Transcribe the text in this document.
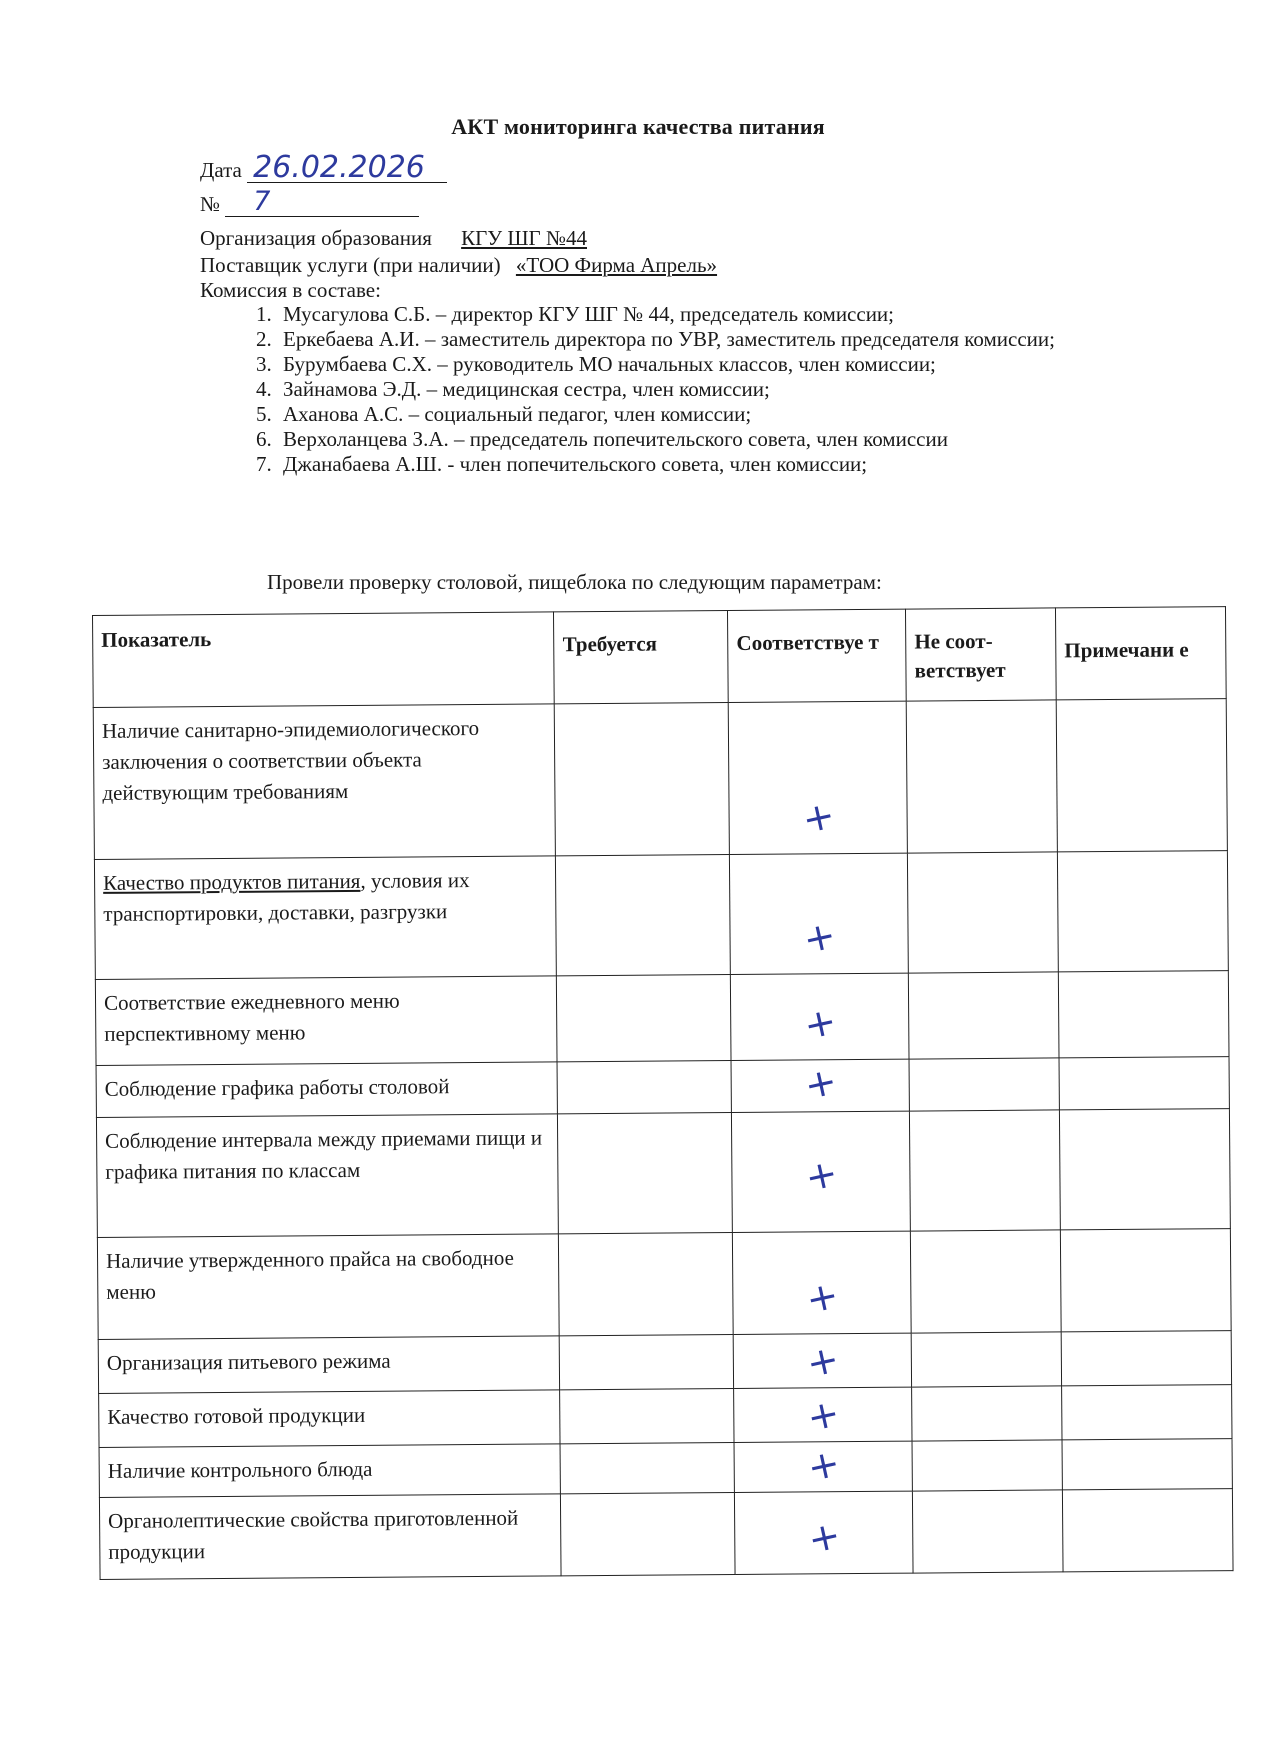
АКТ мониторинга качества питания
Дата 26.02.2026
№ 7
Организация образования КГУ ШГ №44
Поставщик услуги (при наличии) «ТОО Фирма Апрель»
Комиссия в составе:
1. Мусагулова С.Б. – директор КГУ ШГ № 44, председатель комиссии;
2. Еркебаева А.И. – заместитель директора по УВР, заместитель председателя комиссии;
3. Бурумбаева С.Х. – руководитель МО начальных классов, член комиссии;
4. Зайнамова Э.Д. – медицинская сестра, член комиссии;
5. Аханова А.С. – социальный педагог, член комиссии;
6. Верхоланцева З.А. – председатель попечительского совета, член комиссии
7. Джанабаева А.Ш. - член попечительского совета, член комиссии;
Провели проверку столовой, пищеблока по следующим параметрам:
Показатель	Требуется	Соответствуе т	Не соот- ветствует	Примечани е
Наличие санитарно-эпидемиологического заключения о соответствии объекта действующим требованиям		+		
Качество продуктов питания, условия их транспортировки, доставки, разгрузки		+		
Соответствие ежедневного меню перспективному меню		+		
Соблюдение графика работы столовой		+		
Соблюдение интервала между приемами пищи и графика питания по классам		+		
Наличие утвержденного прайса на свободное меню		+		
Организация питьевого режима		+		
Качество готовой продукции		+		
Наличие контрольного блюда		+		
Органолептические свойства приготовленной продукции		+		
